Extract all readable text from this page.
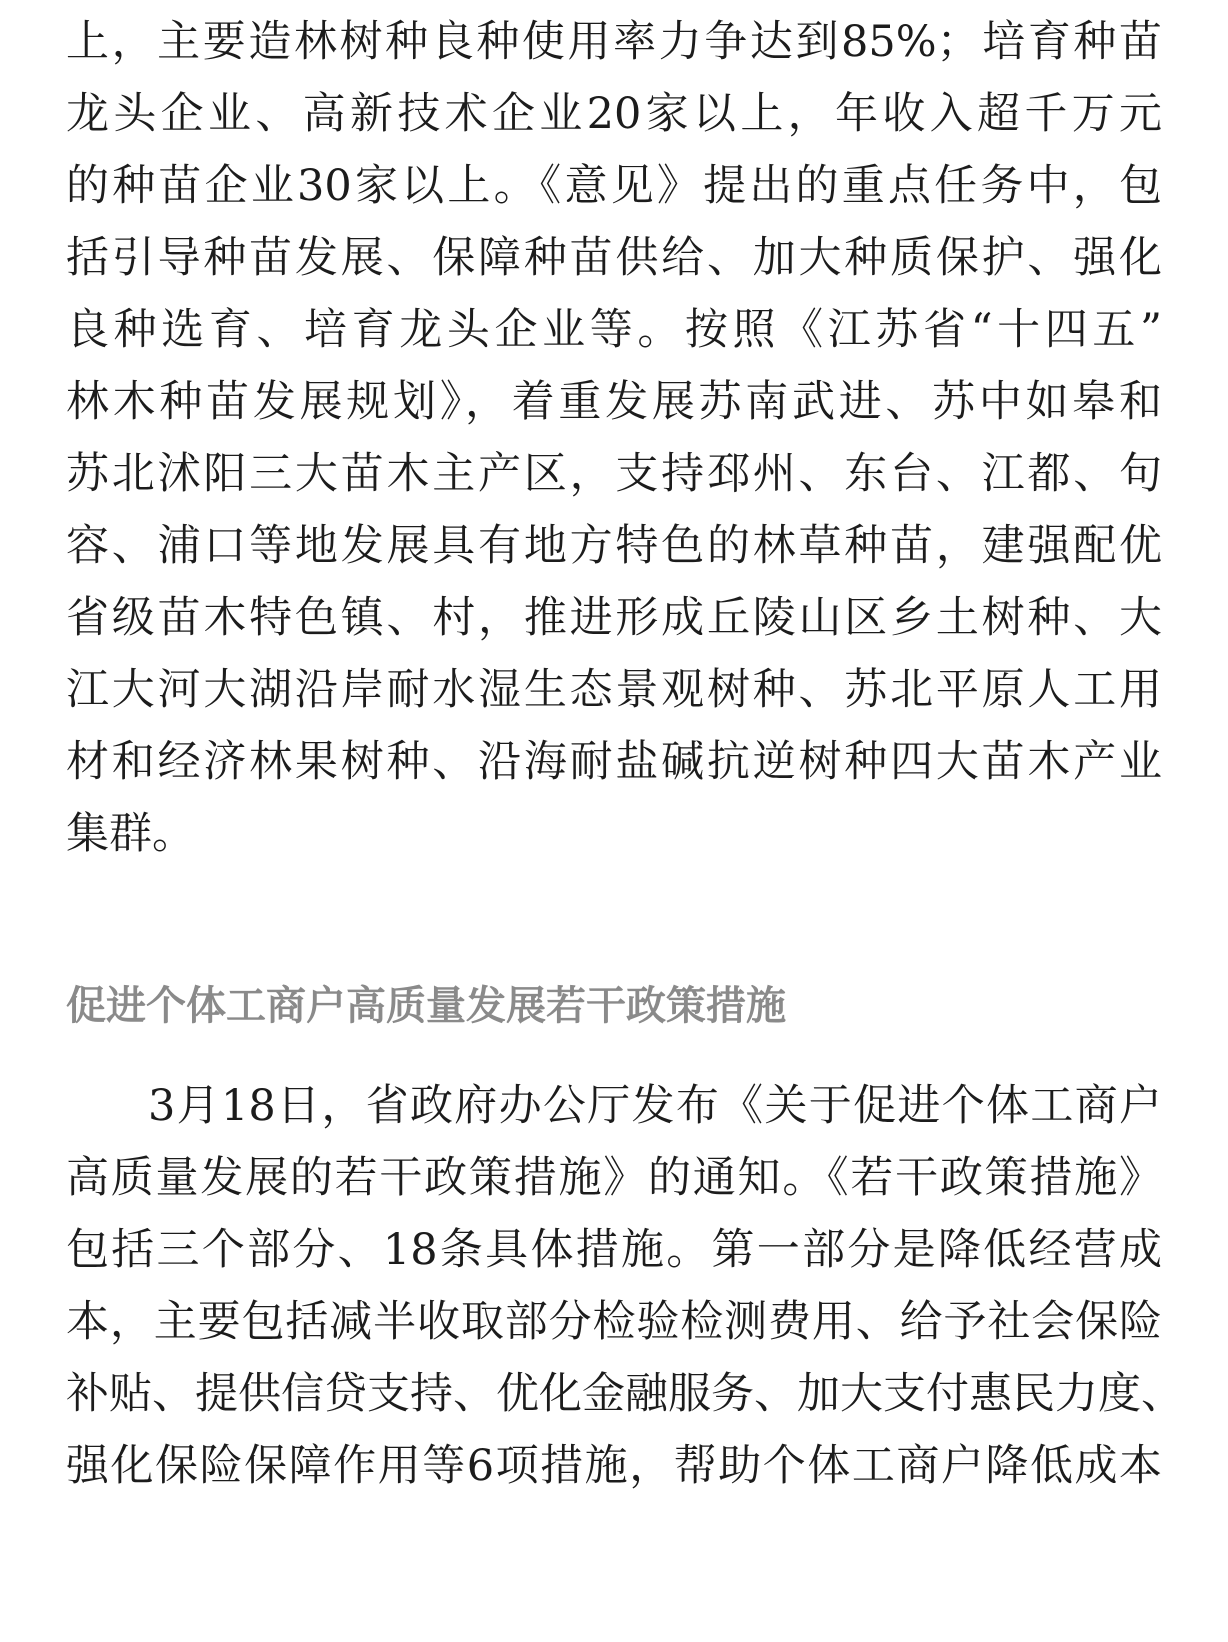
上，主要造林树种良种使用率力争达到85%；培育种苗
龙头企业、高新技术企业20家以上，年收入超千万元
的种苗企业30家以上。《意见》提出的重点任务中，包
括引导种苗发展、保障种苗供给、加大种质保护、强化
良种选育、培育龙头企业等。按照《江苏省“十四五”
林木种苗发展规划》，着重发展苏南武进、苏中如皋和
苏北沭阳三大苗木主产区，支持邳州、东台、江都、句
容、浦口等地发展具有地方特色的林草种苗，建强配优
省级苗木特色镇、村，推进形成丘陵山区乡土树种、大
江大河大湖沿岸耐水湿生态景观树种、苏北平原人工用
材和经济林果树种、沿海耐盐碱抗逆树种四大苗木产业
集群。
促进个体工商户高质量发展若干政策措施
3月18日，省政府办公厅发布《关于促进个体工商户
高质量发展的若干政策措施》的通知。《若干政策措施》
包括三个部分、18条具体措施。第一部分是降低经营成
本，主要包括减半收取部分检验检测费用、给予社会保险
补贴、提供信贷支持、优化金融服务、加大支付惠民力度、
强化保险保障作用等6项措施，帮助个体工商户降低成本
